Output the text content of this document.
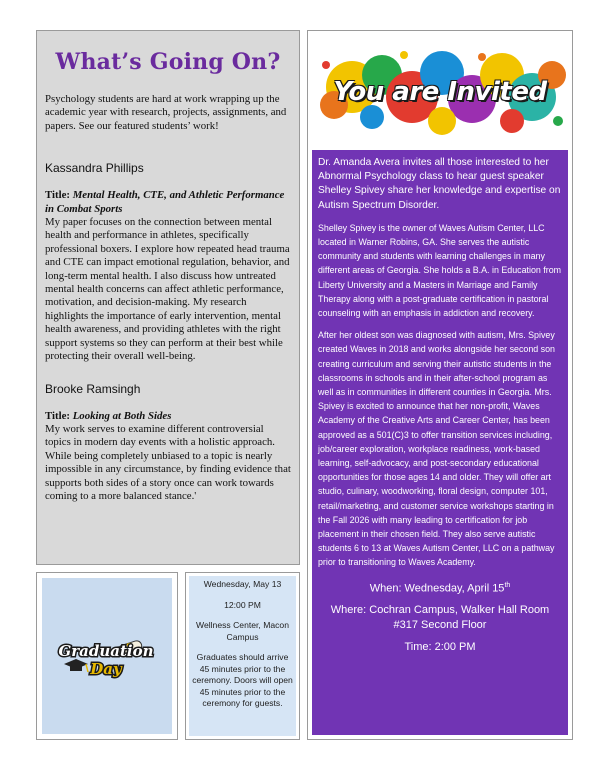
What’s Going On?

Psychology students are hard at work wrapping up the academic year with research, projects, assignments, and papers. See our featured students’ work!

Kassandra Phillips
Title: Mental Health, CTE, and Athletic Performance in Combat Sports

My paper focuses on the connection between mental health and performance in athletes, specifically professional boxers. I explore how repeated head trauma and CTE can impact emotional regulation, behavior, and long-term mental health. I also discuss how untreated mental health concerns can affect athletic performance, motivation, and decision-making. My research highlights the importance of early intervention, mental health awareness, and providing athletes with the right support systems so they can perform at their best while protecting their overall well-being.

Brooke Ramsingh
Title: Looking at Both Sides

My work serves to examine different controversial topics in modern day events with a holistic approach. While being completely unbiased to a topic is nearly impossible in any circumstance, by finding evidence that supports both sides of a story once can work towards coming to a more balanced stance.'

Graduation
Day
Wednesday, May 13
12:00 PM
Wellness Center, Macon Campus
Graduates should arrive 45 minutes prior to the ceremony. Doors will open 45 minutes prior to the ceremony for guests.
You are Invited

Dr. Amanda Avera invites all those interested to her Abnormal Psychology class to hear guest speaker Shelley Spivey share her knowledge and expertise on Autism Spectrum Disorder.

Shelley Spivey is the owner of Waves Autism Center, LLC located in Warner Robins, GA. She serves the autistic community and students with learning challenges in many different areas of Georgia. She holds a B.A. in Education from Liberty University and a Masters in Marriage and Family Therapy along with a post-graduate certification in pastoral counseling with an emphasis in addiction and recovery.

After her oldest son was diagnosed with autism, Mrs. Spivey created Waves in 2018 and works alongside her second son creating curriculum and serving their autistic students in the classrooms in schools and in their after-school program as well as in communities in different counties in Georgia. Mrs. Spivey is excited to announce that her non-profit, Waves Academy of the Creative Arts and Career Center, has been approved as a 501(C)3 to offer transition services including, job/career exploration, workplace readiness, work-based learning, self-advocacy, and post-secondary educational opportunities for those ages 14 and older. They will offer art studio, culinary, woodworking, floral design, computer 101, retail/marketing, and customer service workshops starting in the Fall 2026 with many leading to certification for job placement in their chosen field. They also serve autistic students 6 to 13 at Waves Autism Center, LLC on a pathway prior to transitioning to Waves Academy.

When: Wednesday, April 15th
Where: Cochran Campus, Walker Hall Room #317 Second Floor
Time: 2:00 PM
